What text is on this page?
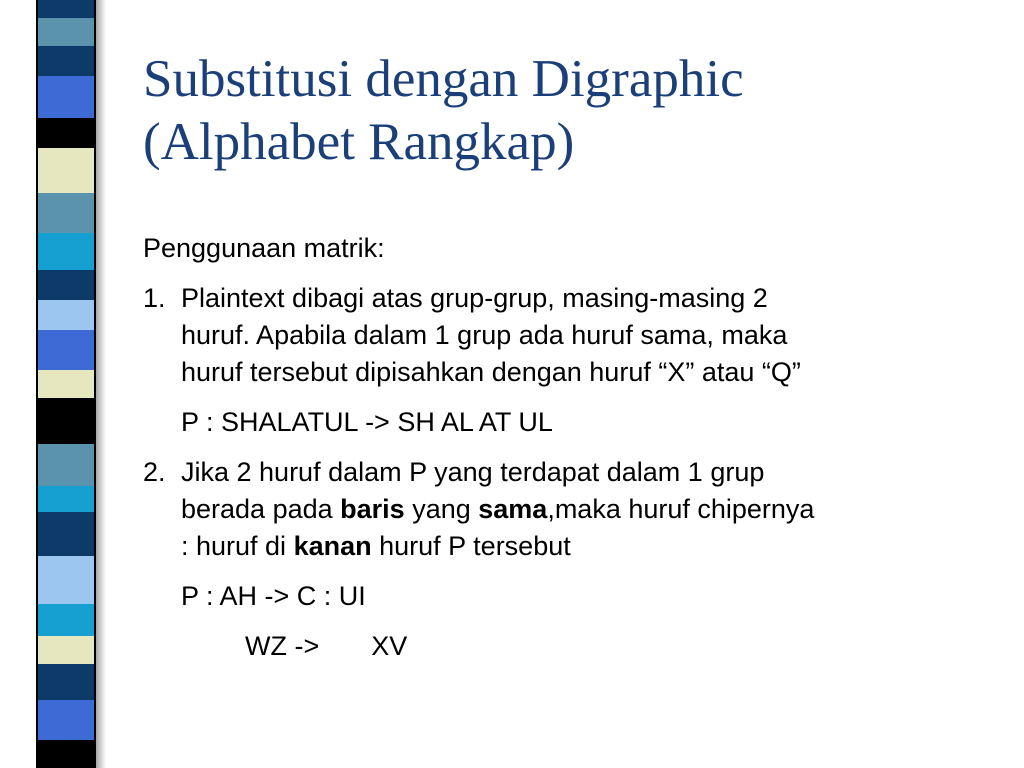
Substitusi dengan Digraphic
(Alphabet Rangkap)
Penggunaan matrik:
1. Plaintext dibagi atas grup-grup, masing-masing 2
huruf. Apabila dalam 1 grup ada huruf sama, maka
huruf tersebut dipisahkan dengan huruf “X” atau “Q”
P : SHALATUL -> SH AL AT UL
2. Jika 2 huruf dalam P yang terdapat dalam 1 grup
berada pada baris yang sama,maka huruf chipernya
: huruf di kanan huruf P tersebut
P : AH -> C : UI
WZ -> XV
